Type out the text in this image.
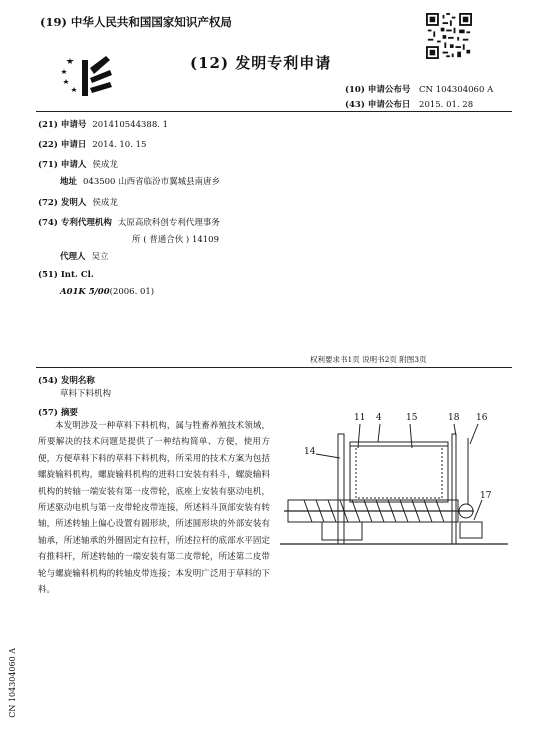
(19) 中华人民共和国国家知识产权局
(12) 发明专利申请
(10) 申请公布号 CN 104304060 A
(43) 申请公布日 2015. 01. 28
(21) 申请号 201410544388. 1
(22) 申请日 2014. 10. 15
(71) 申请人 侯成龙
地址 043500 山西省临汾市翼城县南唐乡
(72) 发明人 侯成龙
(74) 专利代理机构 太原高欣科创专利代理事务
所 ( 普通合伙 ) 14109
代理人 吴立
(51) Int. Cl.
A01K 5/00(2006. 01)
权利要求书1页 说明书2页 附图3页
(54) 发明名称
草料下料机构
(57) 摘要
本发明涉及一种草料下料机构，属与牲畜养殖技术领域，所要解决的技术问题是提供了一种结构简单、方便，使用方便，方便草料下料的草料下料机构，所采用的技术方案为包括螺旋输料机构，螺旋输料机构的进料口安装有料斗，螺旋输料机构的转轴一端安装有第一皮带轮，底座上安装有驱动电机，所述驱动电机与第一皮带轮皮带连接，所述料斗顶部安装有转轴，所述转轴上偏心设置有圆形块，所述圆形块的外部安装有轴承，所述轴承的外圈固定有拉杆，所述拉杆的底部水平固定有推料杆，所述转轴的一端安装有第二皮带轮，所述第二皮带轮与螺旋输料机构的转轴皮带连接；本发明广泛用于草料的下料。
11 4	15	18 16
14
17
CN 104304060 A
